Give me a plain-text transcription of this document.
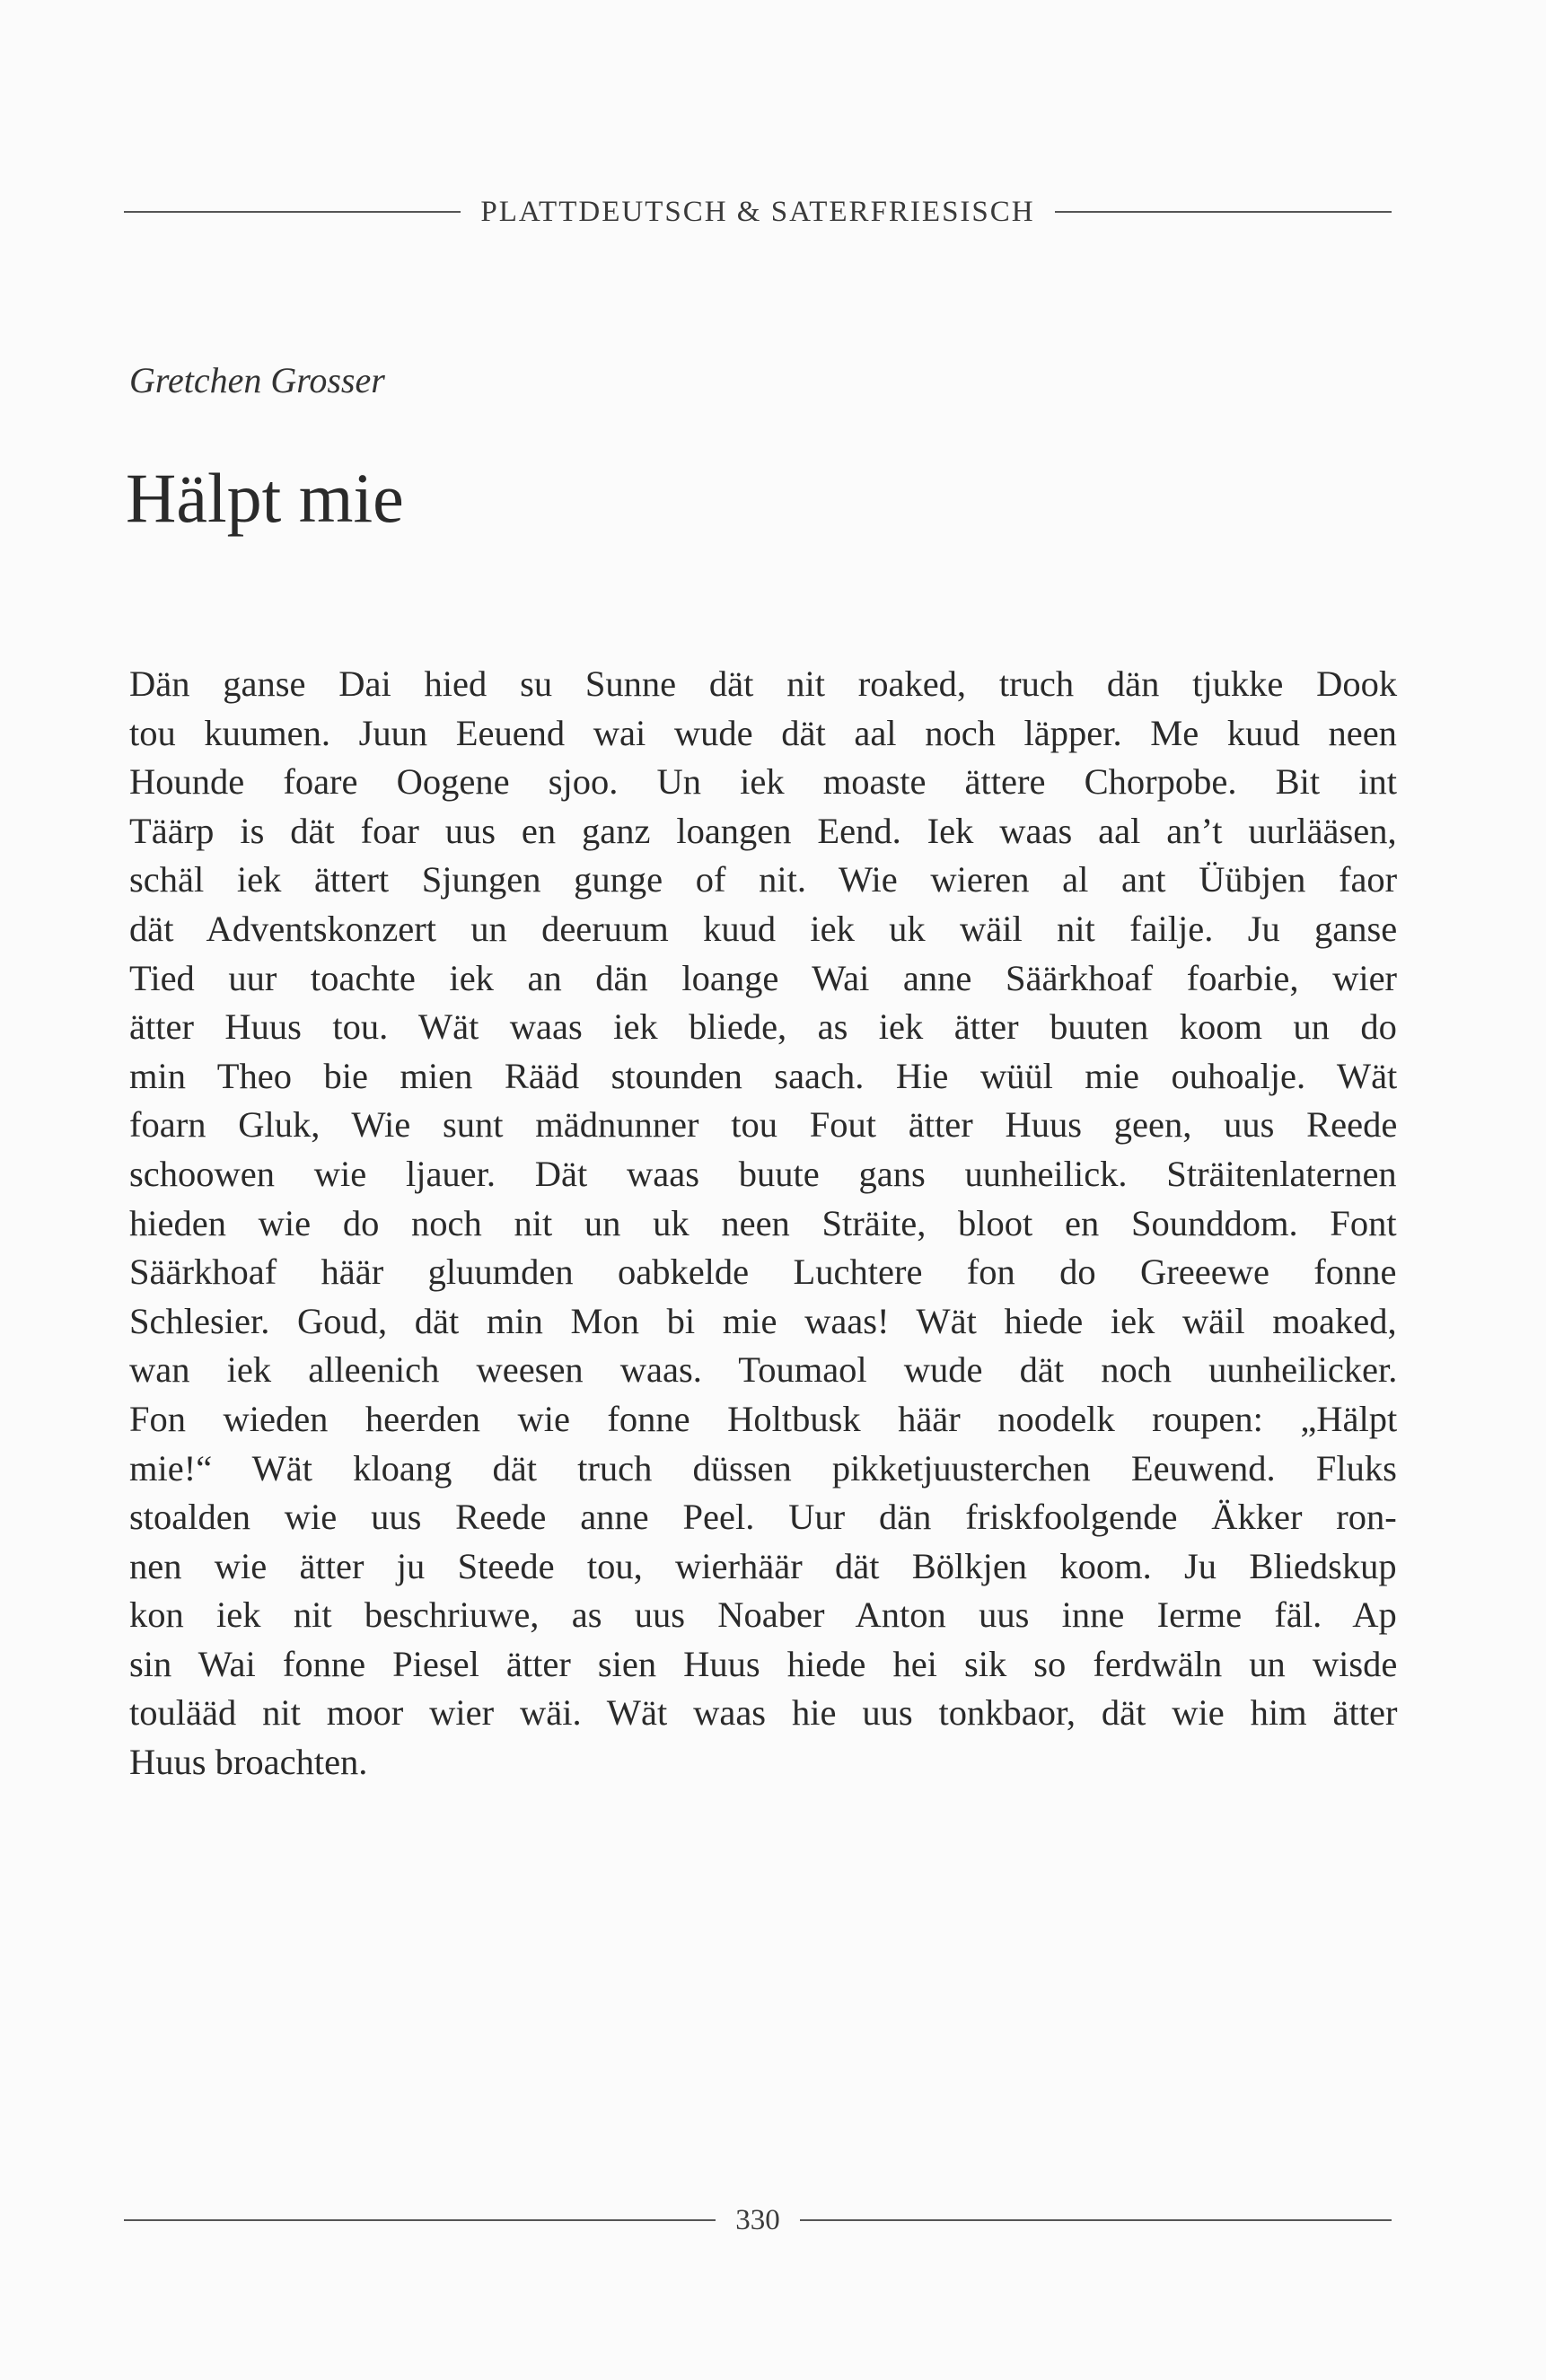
PLATTDEUTSCH & SATERFRIESISCH
Gretchen Grosser
Hälpt mie
Dän ganse Dai hied su Sunne dät nit roaked, truch dän tjukke Dook
tou kuumen. Juun Eeuend wai wude dät aal noch läpper. Me kuud neen
Hounde foare Oogene sjoo. Un iek moaste ättere Chorpobe. Bit int
Täärp is dät foar uus en ganz loangen Eend. Iek waas aal an’t uurlääsen,
schäl iek ättert Sjungen gunge of nit. Wie wieren al ant Üübjen faor
dät Adventskonzert un deeruum kuud iek uk wäil nit failje. Ju ganse
Tied uur toachte iek an dän loange Wai anne Säärkhoaf foarbie, wier
ätter Huus tou. Wät waas iek bliede, as iek ätter buuten koom un do
min Theo bie mien Rääd stounden saach. Hie wüül mie ouhoalje. Wät
foarn Gluk, Wie sunt mädnunner tou Fout ätter Huus geen, uus Reede
schoowen wie ljauer. Dät waas buute gans uunheilick. Sträitenlaternen
hieden wie do noch nit un uk neen Sträite, bloot en Sounddom. Font
Säärkhoaf häär gluumden oabkelde Luchtere fon do Greeewe fonne
Schlesier. Goud, dät min Mon bi mie waas! Wät hiede iek wäil moaked,
wan iek alleenich weesen waas. Toumaol wude dät noch uunheilicker.
Fon wieden heerden wie fonne Holtbusk häär noodelk roupen: „Hälpt
mie!“ Wät kloang dät truch düssen pikketjuusterchen Eeuwend. Fluks
stoalden wie uus Reede anne Peel. Uur dän friskfoolgende Äkker ron-
nen wie ätter ju Steede tou, wierhäär dät Bölkjen koom. Ju Bliedskup
kon iek nit beschriuwe, as uus Noaber Anton uus inne Ierme fäl. Ap
sin Wai fonne Piesel ätter sien Huus hiede hei sik so ferdwäln un wisde
toulääd nit moor wier wäi. Wät waas hie uus tonkbaor, dät wie him ätter
Huus broachten.
330
